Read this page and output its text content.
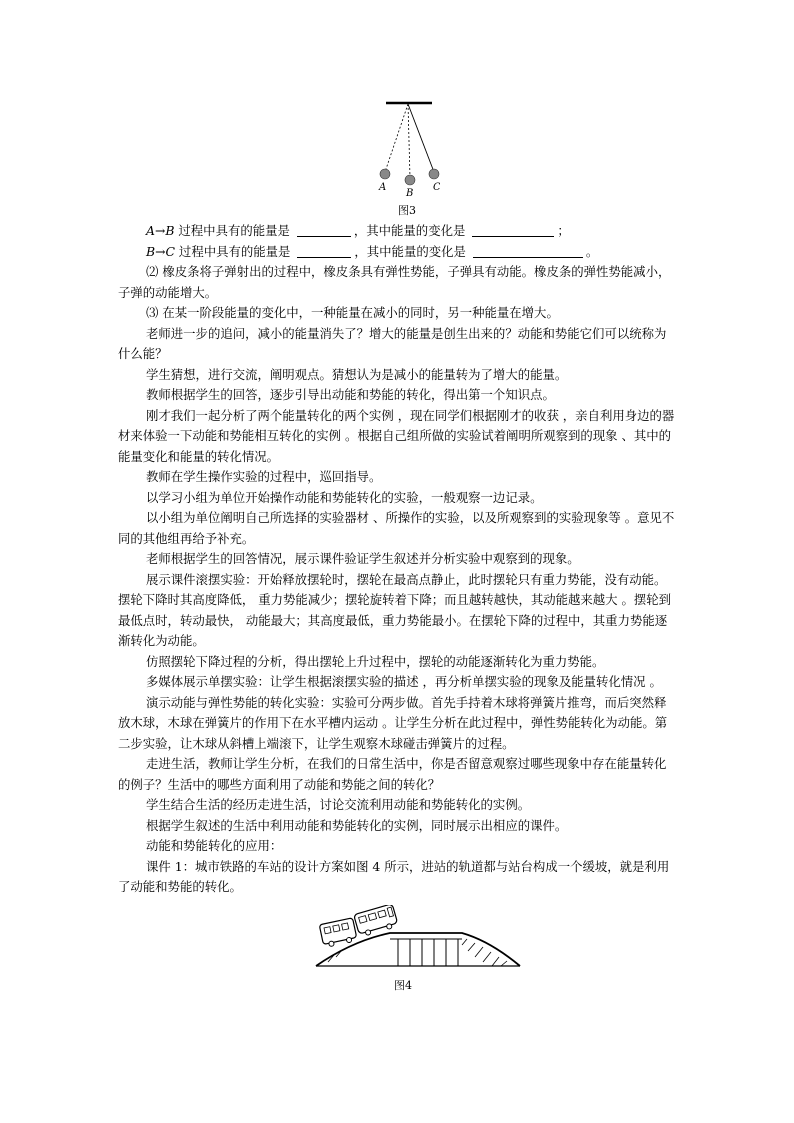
A
B
C
图3

A→B 过程中具有的能量是	，其中能量的变化是	；

B→C 过程中具有的能量是	，其中能量的变化是	。

⑵ 橡皮条将子弹射出的过程中，橡皮条具有弹性势能，子弹具有动能。橡皮条的弹性势能减小，子弹的动能增大。

⑶ 在某一阶段能量的变化中，一种能量在减小的同时，另一种能量在增大。

老师进一步的追问，减小的能量消失了？增大的能量是创生出来的？动能和势能它们可以统称为什么能？

学生猜想，进行交流，阐明观点。猜想认为是减小的能量转为了增大的能量。

教师根据学生的回答，逐步引导出动能和势能的转化，得出第一个知识点。

刚才我们一起分析了两个能量转化的两个实例 ，现在同学们根据刚才的收获 ，亲自利用身边的器材来体验一下动能和势能相互转化的实例 。根据自己组所做的实验试着阐明所观察到的现象 、其中的能量变化和能量的转化情况。

教师在学生操作实验的过程中，巡回指导。

以学习小组为单位开始操作动能和势能转化的实验，一般观察一边记录。

以小组为单位阐明自己所选择的实验器材 、所操作的实验，以及所观察到的实验现象等 。意见不同的其他组再给予补充。

老师根据学生的回答情况，展示课件验证学生叙述并分析实验中观察到的现象。

展示课件滚摆实验：开始释放摆轮时，摆轮在最高点静止，此时摆轮只有重力势能，没有动能。摆轮下降时其高度降低， 重力势能减少；摆轮旋转着下降；而且越转越快，其动能越来越大 。摆轮到最低点时，转动最快， 动能最大；其高度最低，重力势能最小。在摆轮下降的过程中，其重力势能逐渐转化为动能。

仿照摆轮下降过程的分析，得出摆轮上升过程中，摆轮的动能逐渐转化为重力势能。

多媒体展示单摆实验：让学生根据滚摆实验的描述 ，再分析单摆实验的现象及能量转化情况 。

演示动能与弹性势能的转化实验：实验可分两步做。首先手持着木球将弹簧片推弯，而后突然释放木球，木球在弹簧片的作用下在水平槽内运动 。让学生分析在此过程中，弹性势能转化为动能。第二步实验，让木球从斜槽上端滚下，让学生观察木球碰击弹簧片的过程。

走进生活，教师让学生分析，在我们的日常生活中，你是否留意观察过哪些现象中存在能量转化的例子？生活中的哪些方面利用了动能和势能之间的转化？

学生结合生活的经历走进生活，讨论交流利用动能和势能转化的实例。

根据学生叙述的生活中利用动能和势能转化的实例，同时展示出相应的课件。

动能和势能转化的应用：

课件 1：城市铁路的车站的设计方案如图 4 所示，进站的轨道都与站台构成一个缓坡，就是利用了动能和势能的转化。

图4
